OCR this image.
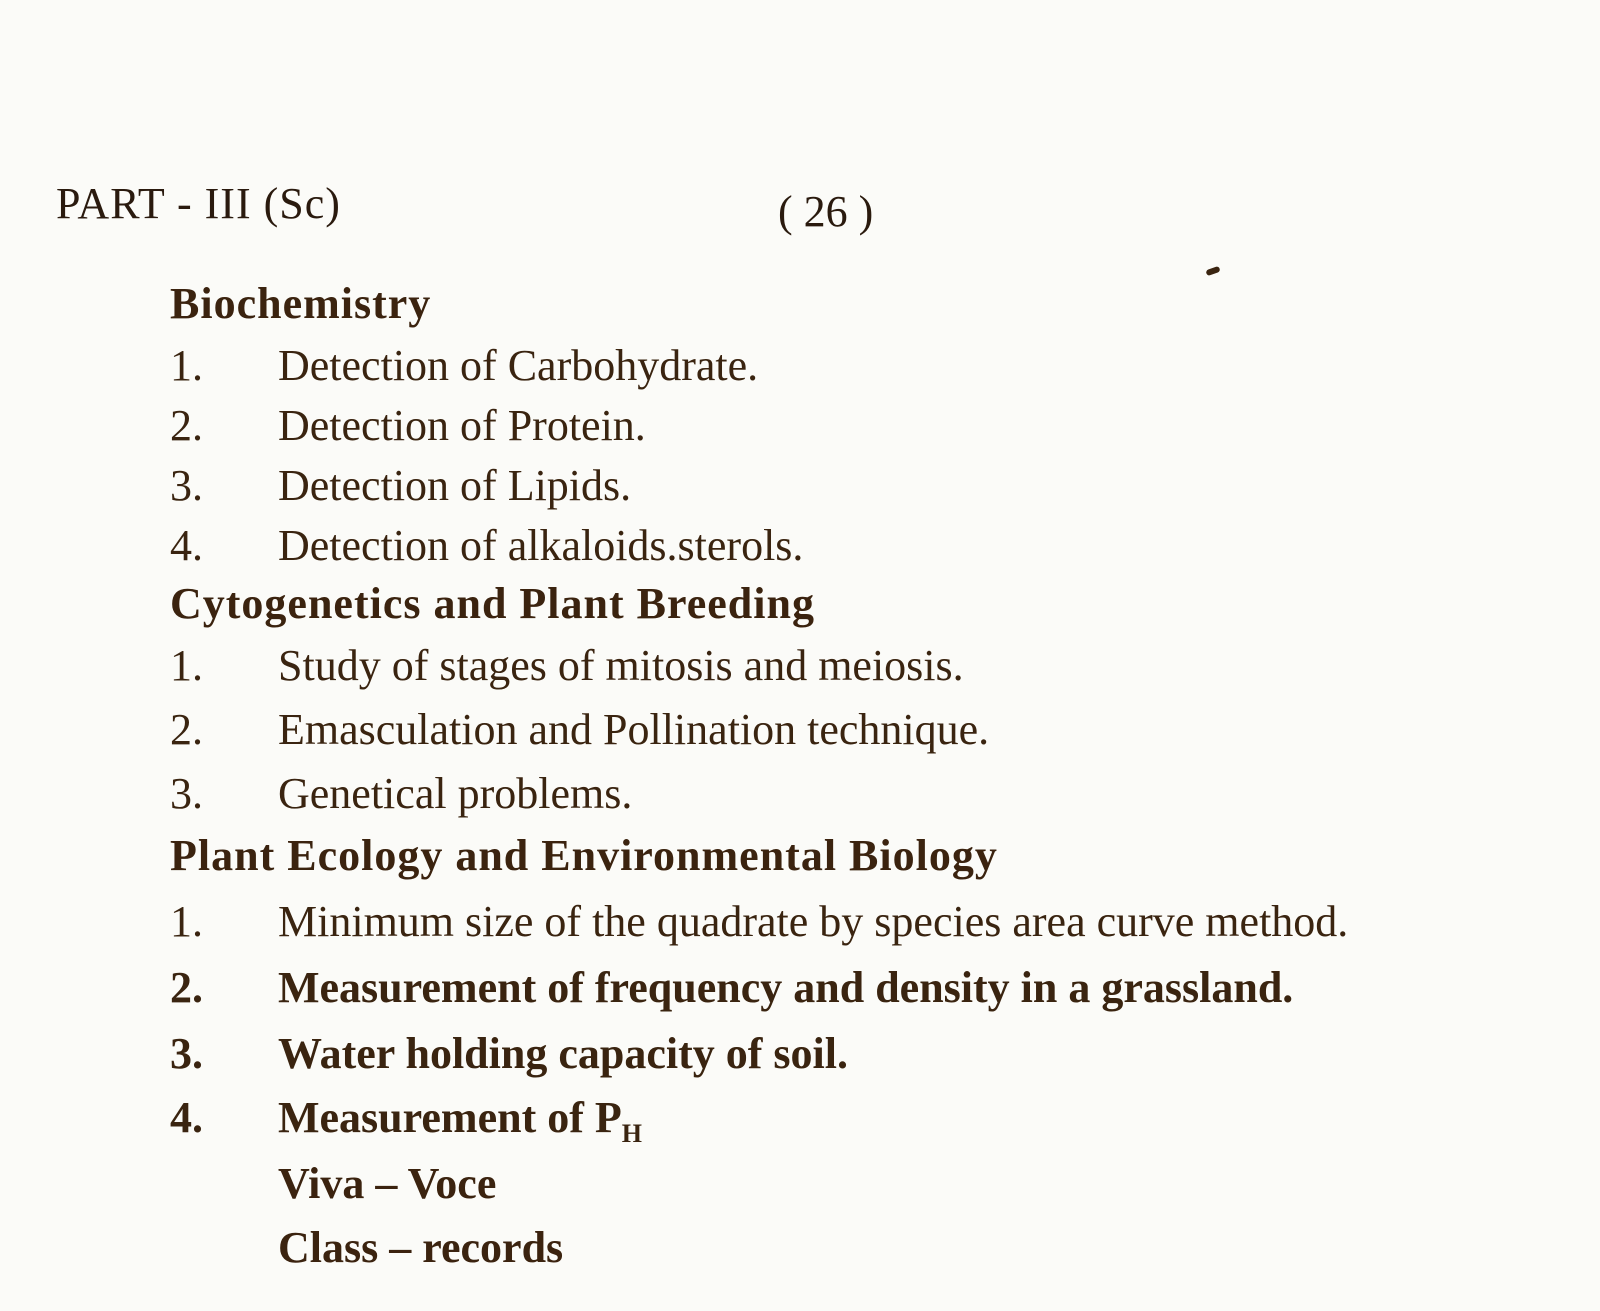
PART - III (Sc)	( 26 )
Biochemistry
1. Detection of Carbohydrate.
2. Detection of Protein.
3. Detection of Lipids.
4. Detection of alkaloids.sterols.
Cytogenetics and Plant Breeding
1. Study of stages of mitosis and meiosis.
2. Emasculation and Pollination technique.
3. Genetical problems.
Plant Ecology and Environmental Biology
1. Minimum size of the quadrate by species area curve method.
2. Measurement of frequency and density in a grassland.
3. Water holding capacity of soil.
4. Measurement of $P_H$
Viva – Voce
Class – records
